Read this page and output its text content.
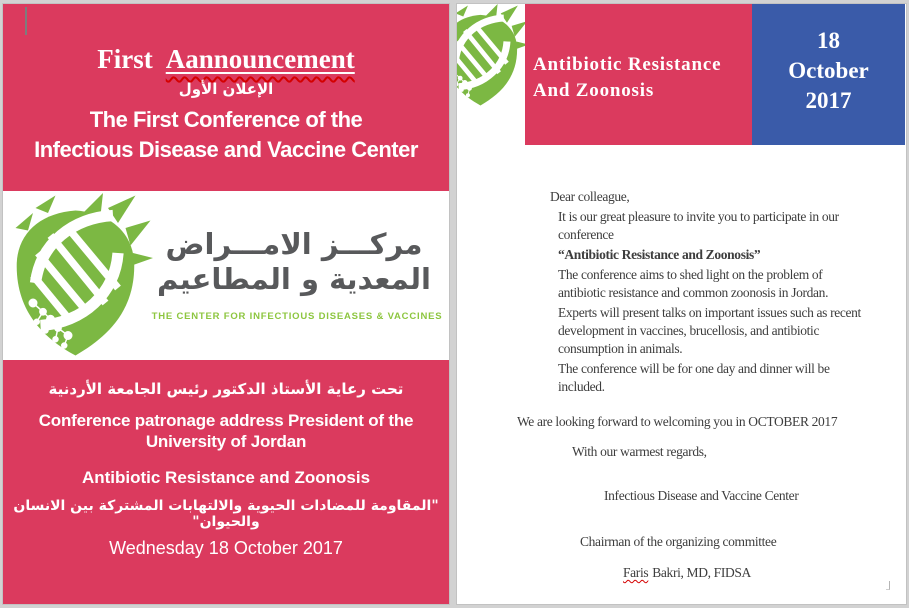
First Aannouncement
الإعلان الأول
The First Conference of the
Infectious Disease and Vaccine Center
مركـــز الامـــراض
المعدية و المطاعيم
THE CENTER FOR INFECTIOUS DISEASES & VACCINES
تحت رعاية الأستاذ الدكتور رئيس الجامعة الأردنية
Conference patronage address President of the
University of Jordan
Antibiotic Resistance and Zoonosis
"المقاومة للمضادات الحيوية والالتهابات المشتركة بين الانسان والحيوان"
Wednesday 18 October 2017
Antibiotic Resistance
And Zoonosis
18
October
2017
Dear colleague,
It is our great pleasure to invite you to participate in our
conference
“Antibiotic Resistance and Zoonosis”
The conference aims to shed light on the problem of
antibiotic resistance and common zoonosis in Jordan.
Experts will present talks on important issues such as recent
development in vaccines, brucellosis, and antibiotic
consumption in animals.
The conference will be for one day and dinner will be
included.
We are looking forward to welcoming you in OCTOBER 2017
With our warmest regards,
Infectious Disease and Vaccine Center
Chairman of the organizing committee
Faris Bakri, MD, FIDSA
